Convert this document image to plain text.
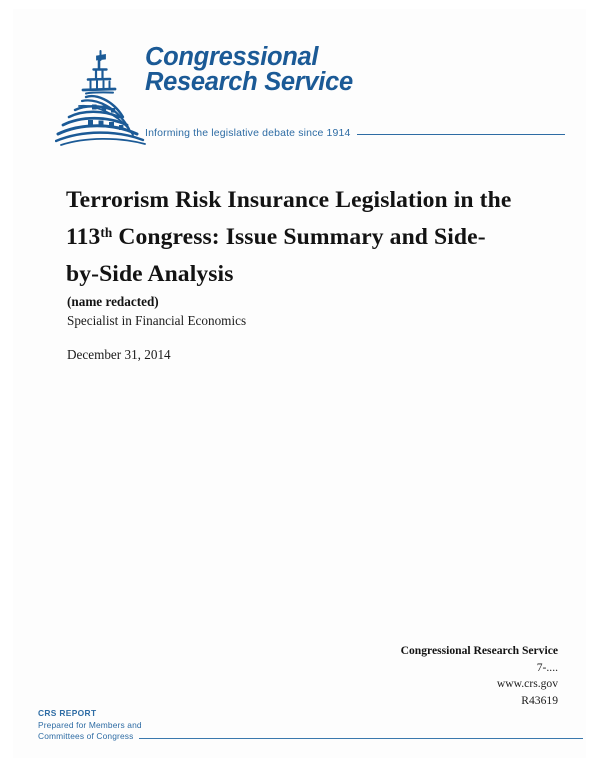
Congressional
Research Service
Informing the legislative debate since 1914
Terrorism Risk Insurance Legislation in the 113th Congress: Issue Summary and Side-by-Side Analysis
(name redacted)
Specialist in Financial Economics
December 31, 2014
Congressional Research Service
7-....
www.crs.gov
R43619
CRS REPORT
Prepared for Members and
Committees of Congress
